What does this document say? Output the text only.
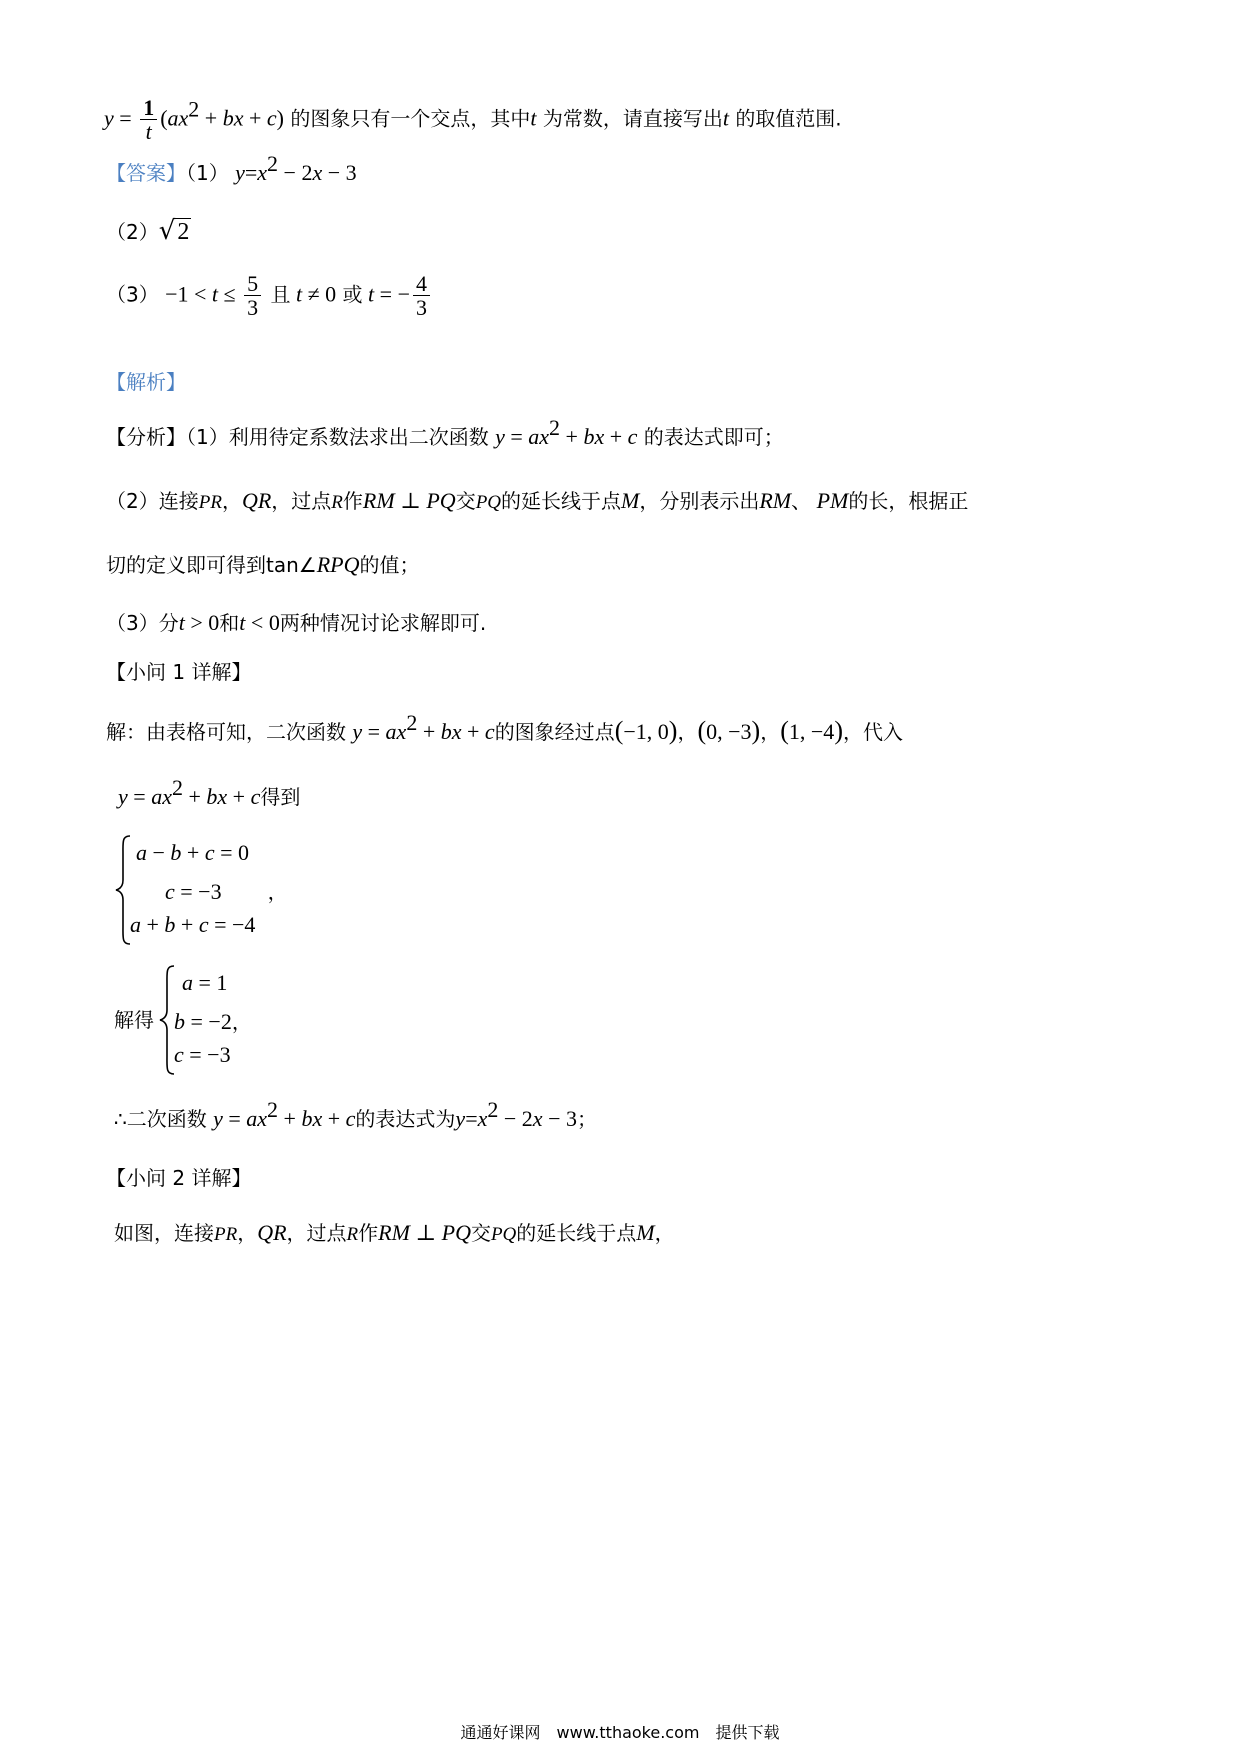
$y = \frac{1}{t} (ax^2$ + bx + c) 的图象只有一个交点，其中t 为常数，请直接写出t 的取值范围.
【答案】（1） $y=x^2 - 2x - 3$
（2）√2
$(3) -1 < t \le \frac{5}{3}$ 且 t ≠ 0 或 t = − $\frac{4}{3}$
【解析】
【分析】（1）利用待定系数法求出二次函数 $y = ax^2$ + bx + c 的表达式即可；
（2）连接PR，QR，过点R作RM ⊥ PQ交PQ的延长线于点M，分别表示出RM、 PM的长，根据正
切的定义即可得到tan∠RPQ的值；
（3）分t > 0和t < 0两种情况讨论求解即可.
【小问 1 详解】
解：由表格可知，二次函数 $y = ax^2$ + bx + c的图象经过点(−1, 0)，(0, −3)，(1, −4)，代入
$y = ax^2$ + bx + c得到
a − b + c = 0
c = −3 ，
a + b + c = −4
解得
a = 1
b = −2，
c = −3
∴二次函数 $y = ax^2$ + bx + c的表达式为$y=x^2 - 2x - 3$；
【小问 2 详解】
如图，连接PR，QR，过点R作RM ⊥ PQ交PQ的延长线于点M，
通通好课网　www.tthaoke.com　提供下载
